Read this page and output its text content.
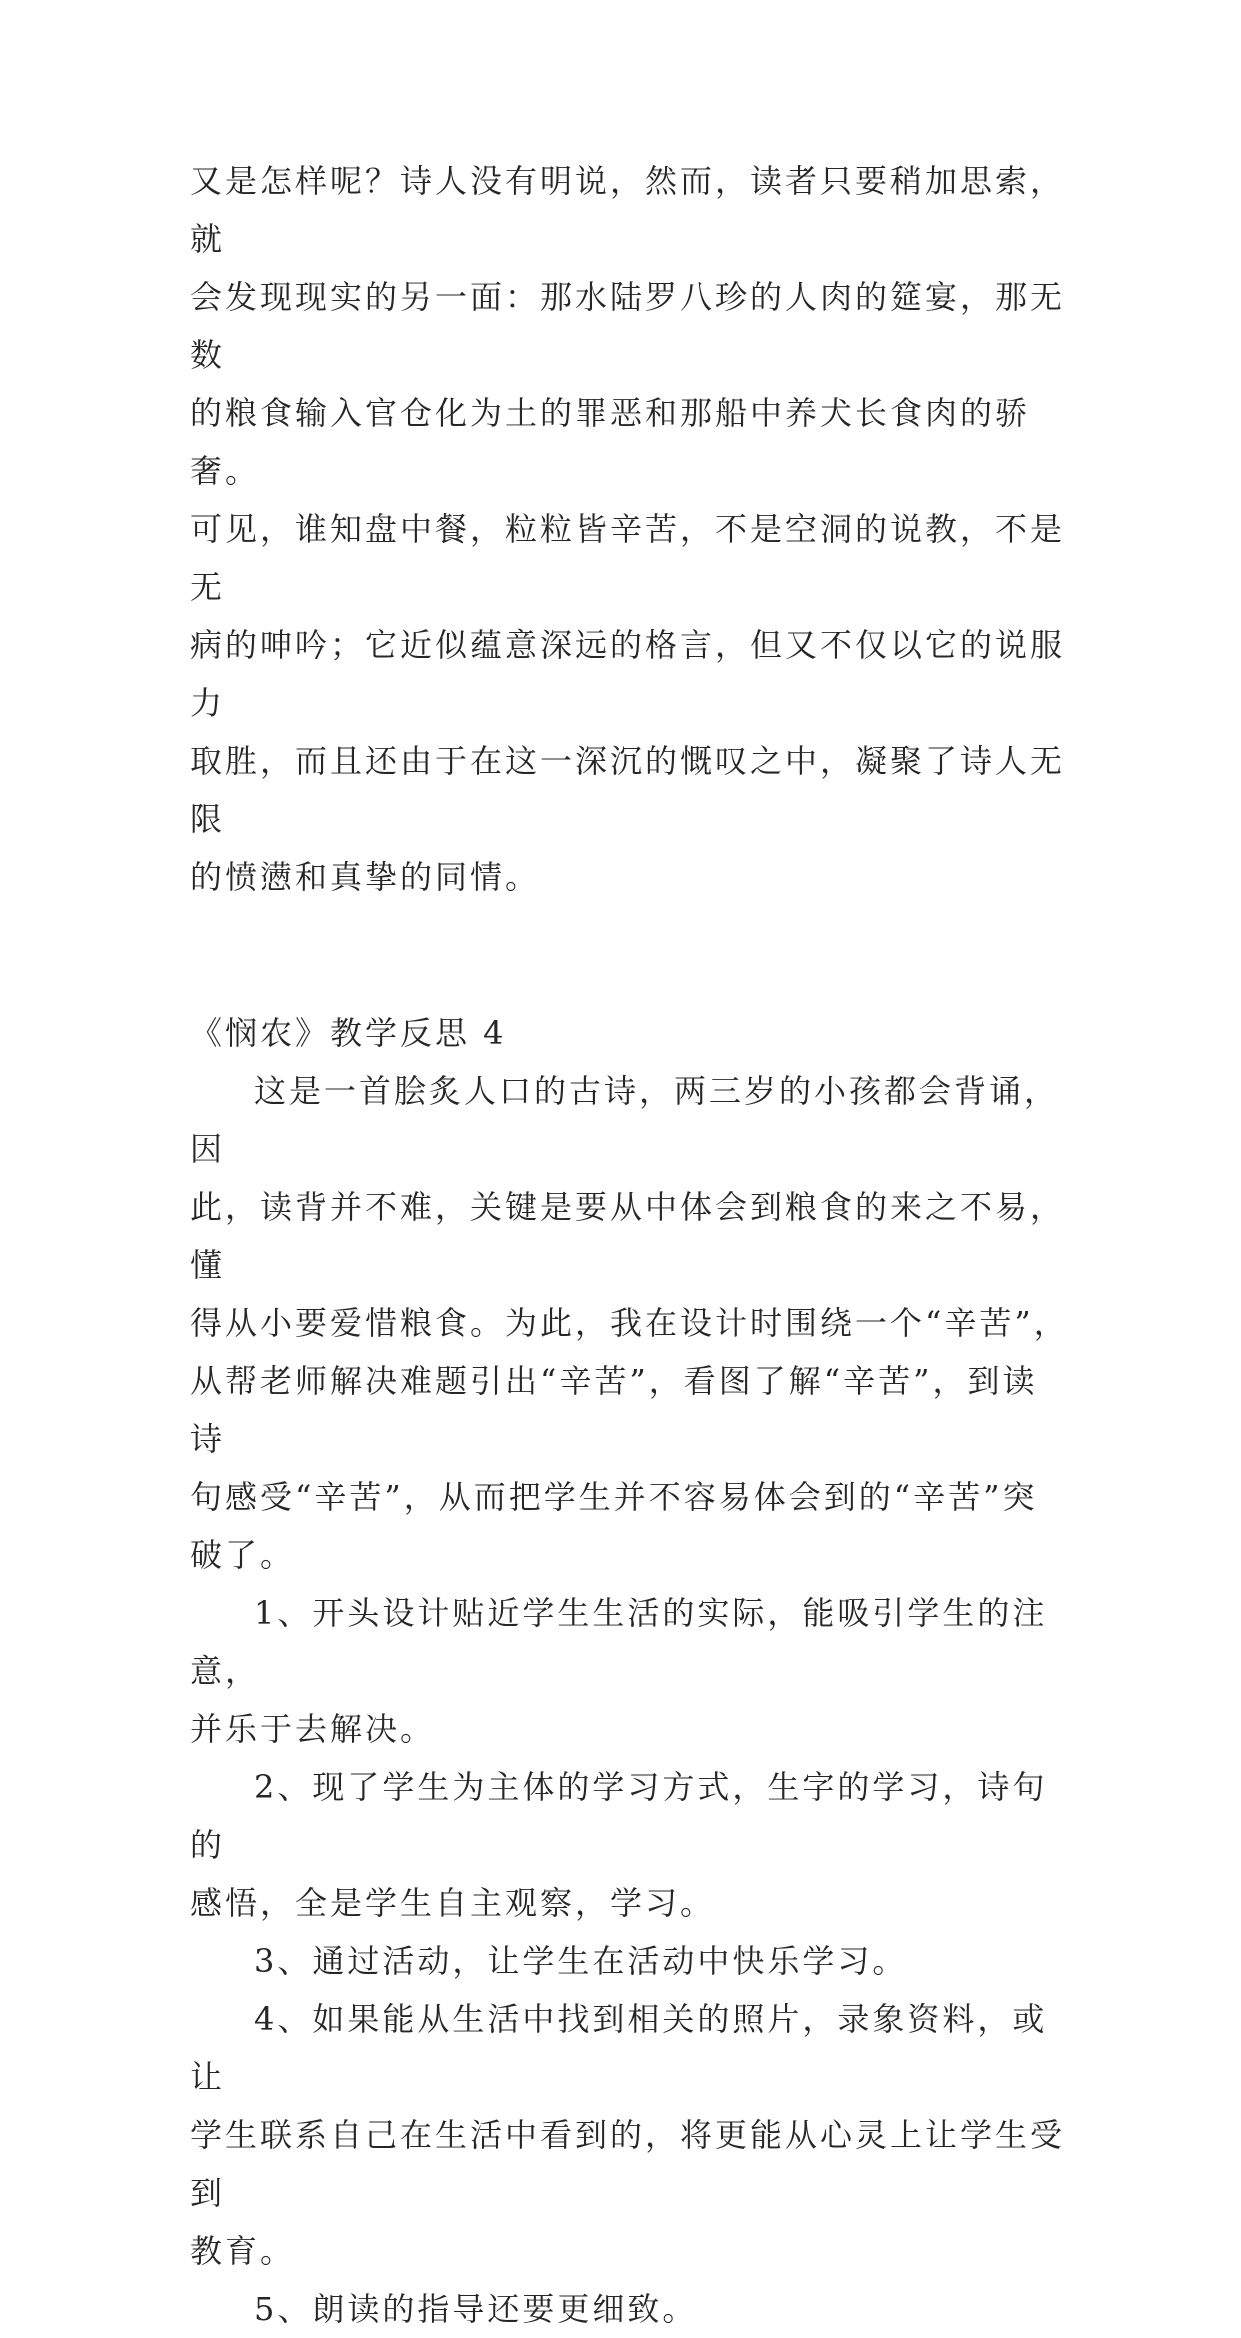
又是怎样呢？诗人没有明说，然而，读者只要稍加思索，就
会发现现实的另一面：那水陆罗八珍的人肉的筵宴，那无数
的粮食输入官仓化为土的罪恶和那船中养犬长食肉的骄奢。
可见，谁知盘中餐，粒粒皆辛苦，不是空洞的说教，不是无
病的呻吟；它近似蕴意深远的格言，但又不仅以它的说服力
取胜，而且还由于在这一深沉的慨叹之中，凝聚了诗人无限
的愤懑和真挚的同情。

《悯农》教学反思 4

这是一首脍炙人口的古诗，两三岁的小孩都会背诵，因
此，读背并不难，关键是要从中体会到粮食的来之不易，懂
得从小要爱惜粮食。为此，我在设计时围绕一个“辛苦”，
从帮老师解决难题引出“辛苦”，看图了解“辛苦”，到读诗
句感受“辛苦”，从而把学生并不容易体会到的“辛苦”突
破了。

1、开头设计贴近学生生活的实际，能吸引学生的注意，
并乐于去解决。

2、现了学生为主体的学习方式，生字的学习，诗句的
感悟，全是学生自主观察，学习。

3、通过活动，让学生在活动中快乐学习。

4、如果能从生活中找到相关的照片，录象资料，或让
学生联系自己在生活中看到的，将更能从心灵上让学生受到
教育。

5、朗读的指导还要更细致。
